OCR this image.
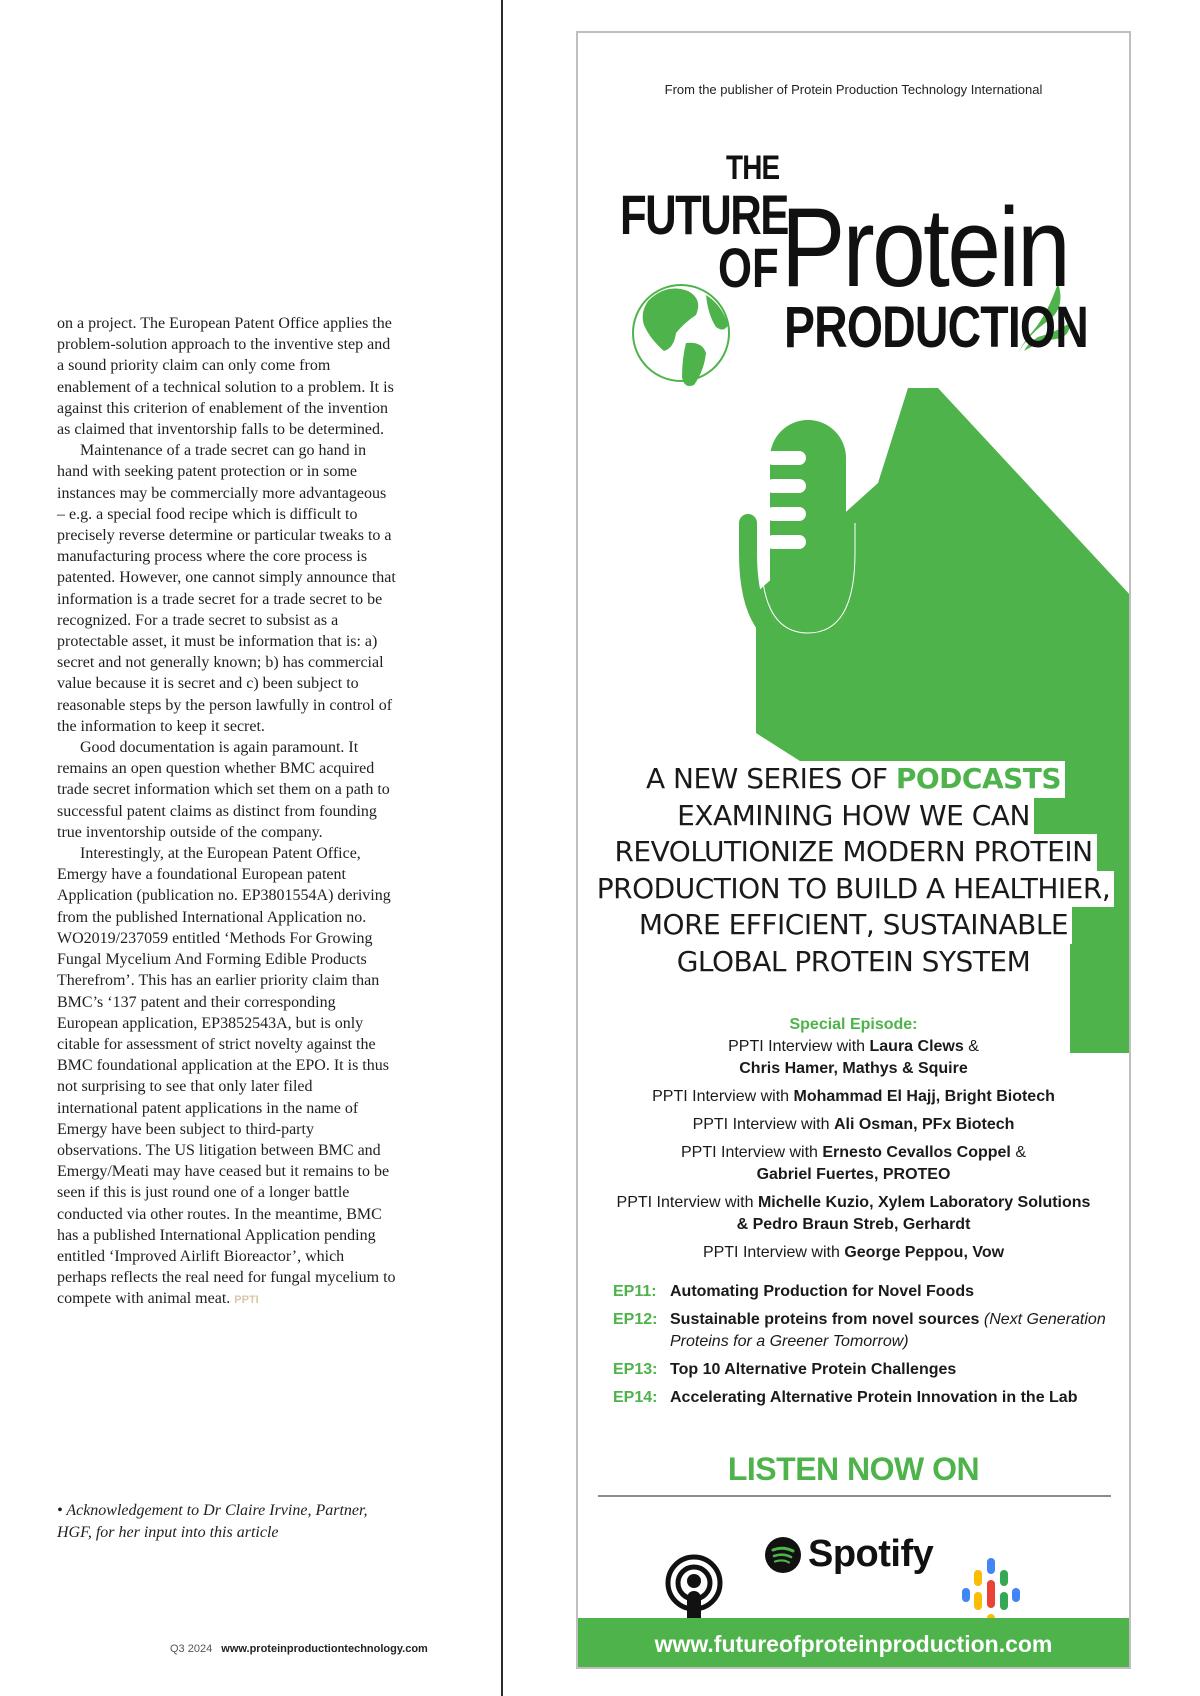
on a project. The European Patent Office applies the problem-solution approach to the inventive step and a sound priority claim can only come from enablement of a technical solution to a problem. It is against this criterion of enablement of the invention as claimed that inventorship falls to be determined.

Maintenance of a trade secret can go hand in hand with seeking patent protection or in some instances may be commercially more advantageous – e.g. a special food recipe which is difficult to precisely reverse determine or particular tweaks to a manufacturing process where the core process is patented. However, one cannot simply announce that information is a trade secret for a trade secret to be recognized. For a trade secret to subsist as a protectable asset, it must be information that is: a) secret and not generally known; b) has commercial value because it is secret and c) been subject to reasonable steps by the person lawfully in control of the information to keep it secret.

Good documentation is again paramount. It remains an open question whether BMC acquired trade secret information which set them on a path to successful patent claims as distinct from founding true inventorship outside of the company.

Interestingly, at the European Patent Office, Emergy have a foundational European patent Application (publication no. EP3801554A) deriving from the published International Application no. WO2019/237059 entitled ‘Methods For Growing Fungal Mycelium And Forming Edible Products Therefrom’. This has an earlier priority claim than BMC’s ‘137 patent and their corresponding European application, EP3852543A, but is only citable for assessment of strict novelty against the BMC foundational application at the EPO. It is thus not surprising to see that only later filed international patent applications in the name of Emergy have been subject to third-party observations. The US litigation between BMC and Emergy/Meati may have ceased but it remains to be seen if this is just round one of a longer battle conducted via other routes. In the meantime, BMC has a published International Application pending entitled ‘Improved Airlift Bioreactor’, which perhaps reflects the real need for fungal mycelium to compete with animal meat. PPTI

• Acknowledgement to Dr Claire Irvine, Partner, HGF, for her input into this article
Q3 2024 www.proteinproductiontechnology.com
From the publisher of Protein Production Technology International
THE
FUTURE
OF Protein
PRODUCTION
A NEW SERIES OF PODCASTS
EXAMINING HOW WE CAN
REVOLUTIONIZE MODERN PROTEIN
PRODUCTION TO BUILD A HEALTHIER,
MORE EFFICIENT, SUSTAINABLE
GLOBAL PROTEIN SYSTEM
Special Episode:
PPTI Interview with Laura Clews &
Chris Hamer, Mathys & Squire
PPTI Interview with Mohammad El Hajj, Bright Biotech
PPTI Interview with Ali Osman, PFx Biotech
PPTI Interview with Ernesto Cevallos Coppel &
Gabriel Fuertes, PROTEO
PPTI Interview with Michelle Kuzio, Xylem Laboratory Solutions
& Pedro Braun Streb, Gerhardt
PPTI Interview with George Peppou, Vow
EP11: Automating Production for Novel Foods
EP12: Sustainable proteins from novel sources (Next Generation Proteins for a Greener Tomorrow)
EP13: Top 10 Alternative Protein Challenges
EP14: Accelerating Alternative Protein Innovation in the Lab
LISTEN NOW ON
Spotify
www.futureofproteinproduction.com
